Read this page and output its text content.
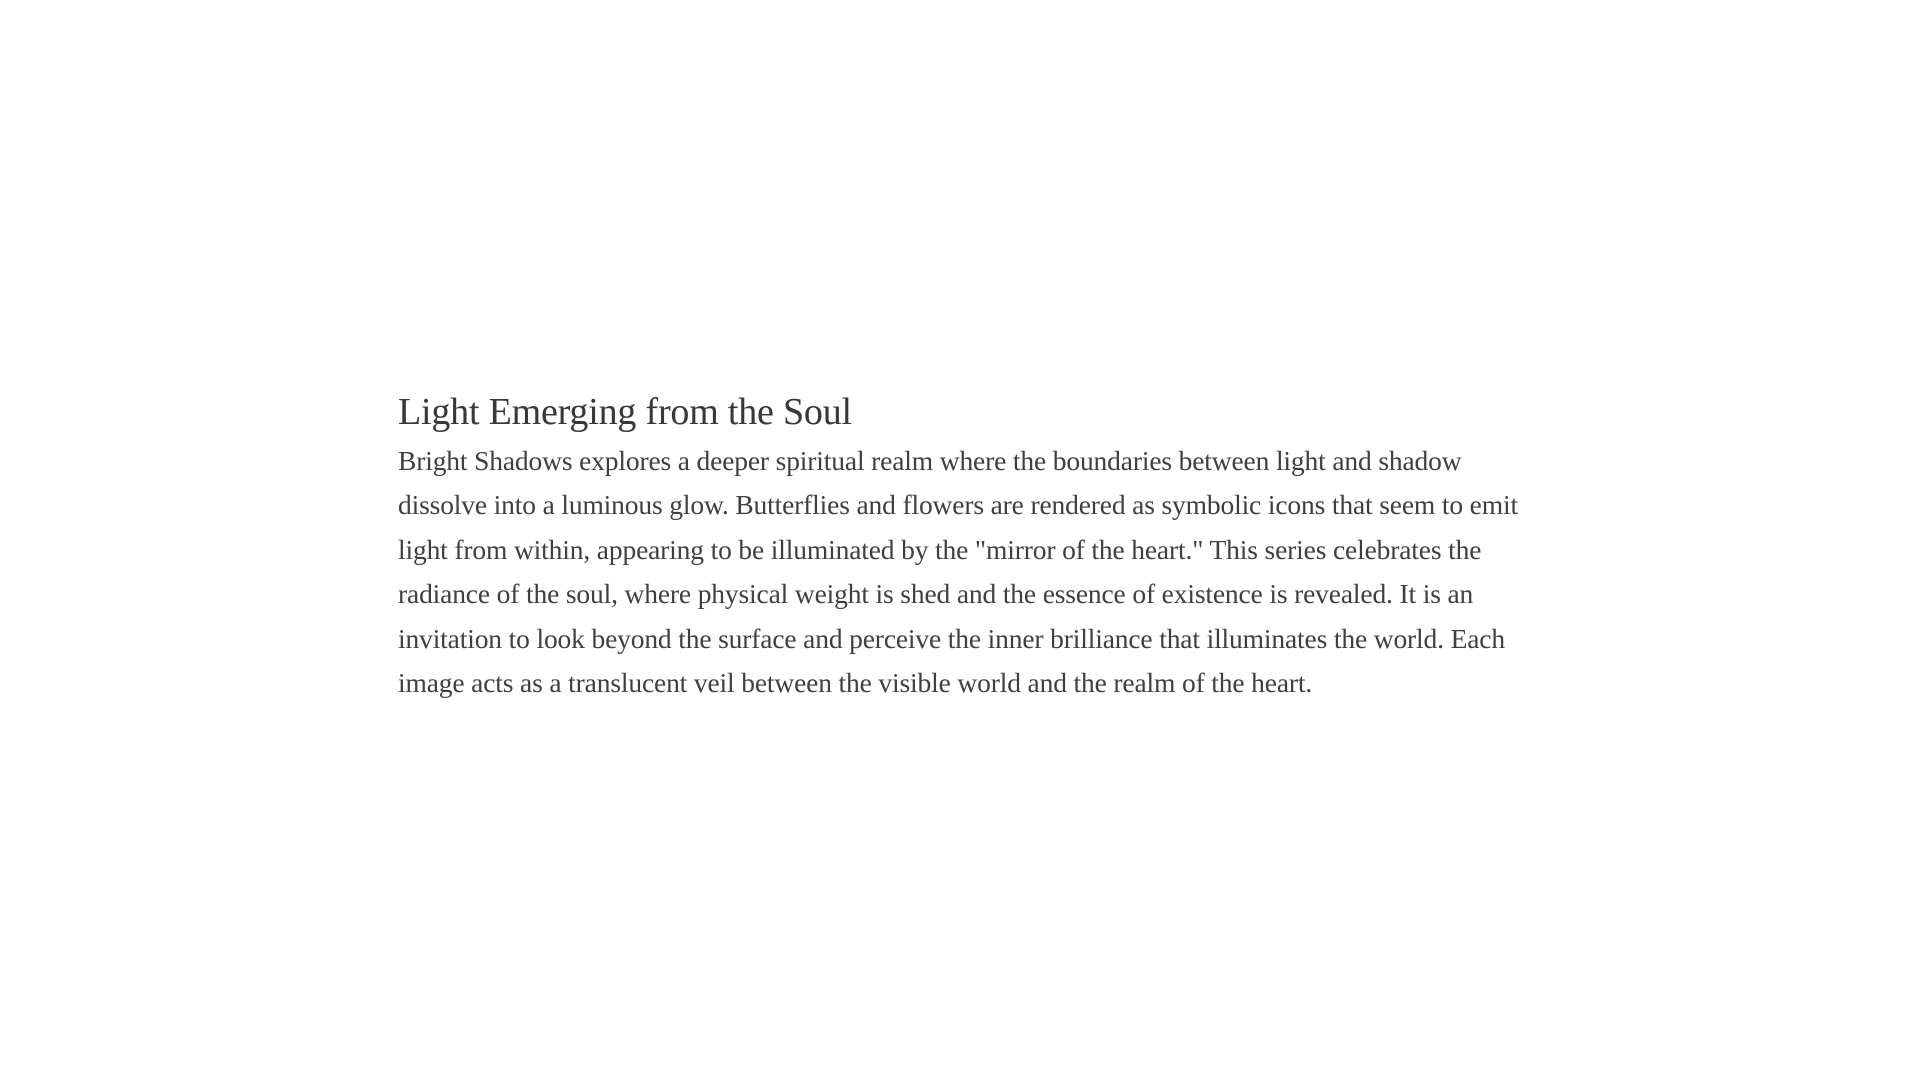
Light Emerging from the Soul

Bright Shadows explores a deeper spiritual realm where the boundaries between light and shadow dissolve into a luminous glow. Butterflies and flowers are rendered as symbolic icons that seem to emit light from within, appearing to be illuminated by the "mirror of the heart." This series celebrates the radiance of the soul, where physical weight is shed and the essence of existence is revealed. It is an invitation to look beyond the surface and perceive the inner brilliance that illuminates the world. Each image acts as a translucent veil between the visible world and the realm of the heart.
